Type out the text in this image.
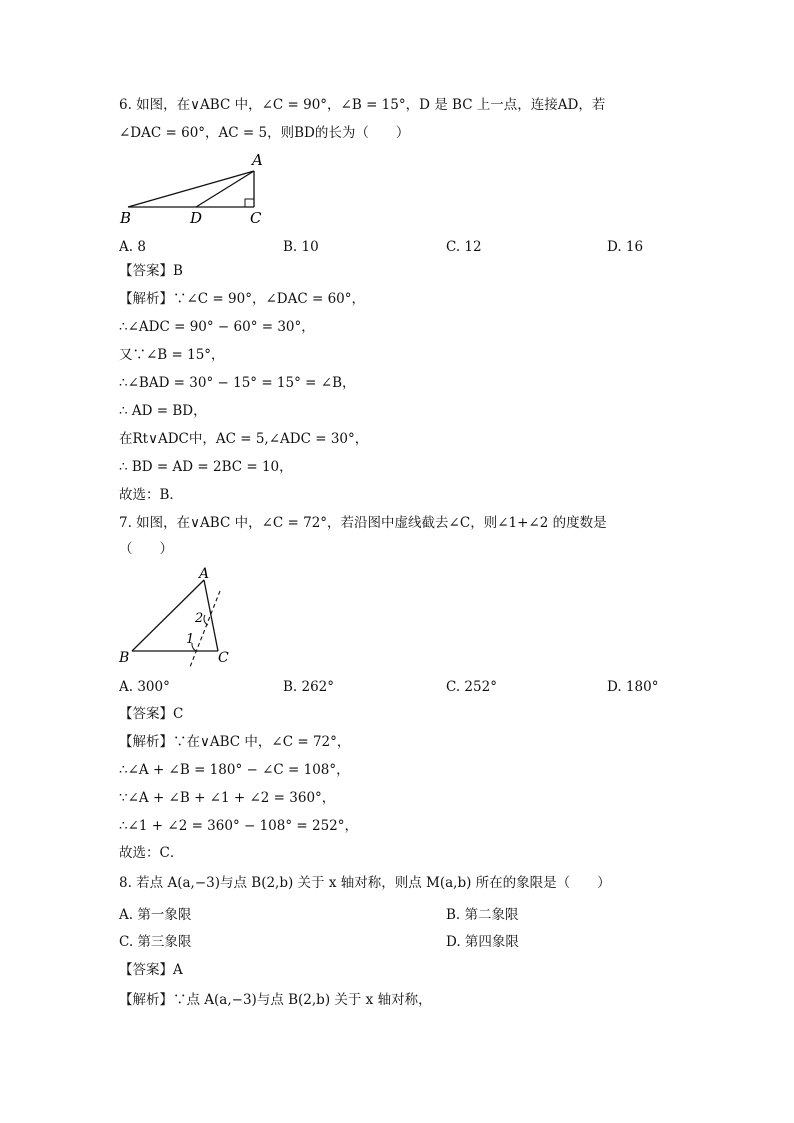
6. 如图，在∨ABC 中，∠C = 90°，∠B = 15°，D 是 BC 上一点，连接AD，若
∠DAC = 60°，AC = 5，则BD的长为（　　）
A
B	D	C
A. 8	B. 10	C. 12	D. 16
【答案】B
【解析】∵∠C = 90°，∠DAC = 60°，
∴∠ADC = 90° − 60° = 30°，
又∵∠B = 15°，
∴∠BAD = 30° − 15° = 15° = ∠B，
∴ AD = BD，
在Rt∨ADC中，AC = 5,∠ADC = 30°，
∴ BD = AD = 2BC = 10，
故选：B．
7. 如图，在∨ABC 中，∠C = 72°，若沿图中虚线截去∠C，则∠1+∠2 的度数是
（　　）
A
B	C
1
2
A. 300°	B. 262°	C. 252°	D. 180°
【答案】C
【解析】∵在∨ABC 中，∠C = 72°，
∴∠A + ∠B = 180° − ∠C = 108°，
∵∠A + ∠B + ∠1 + ∠2 = 360°，
∴∠1 + ∠2 = 360° − 108° = 252°，
故选：C．
8. 若点 A(a,−3)与点 B(2,b) 关于 x 轴对称，则点 M(a,b) 所在的象限是（　　）
A. 第一象限	B. 第二象限
C. 第三象限	D. 第四象限
【答案】A
【解析】∵点 A(a,−3)与点 B(2,b) 关于 x 轴对称，
